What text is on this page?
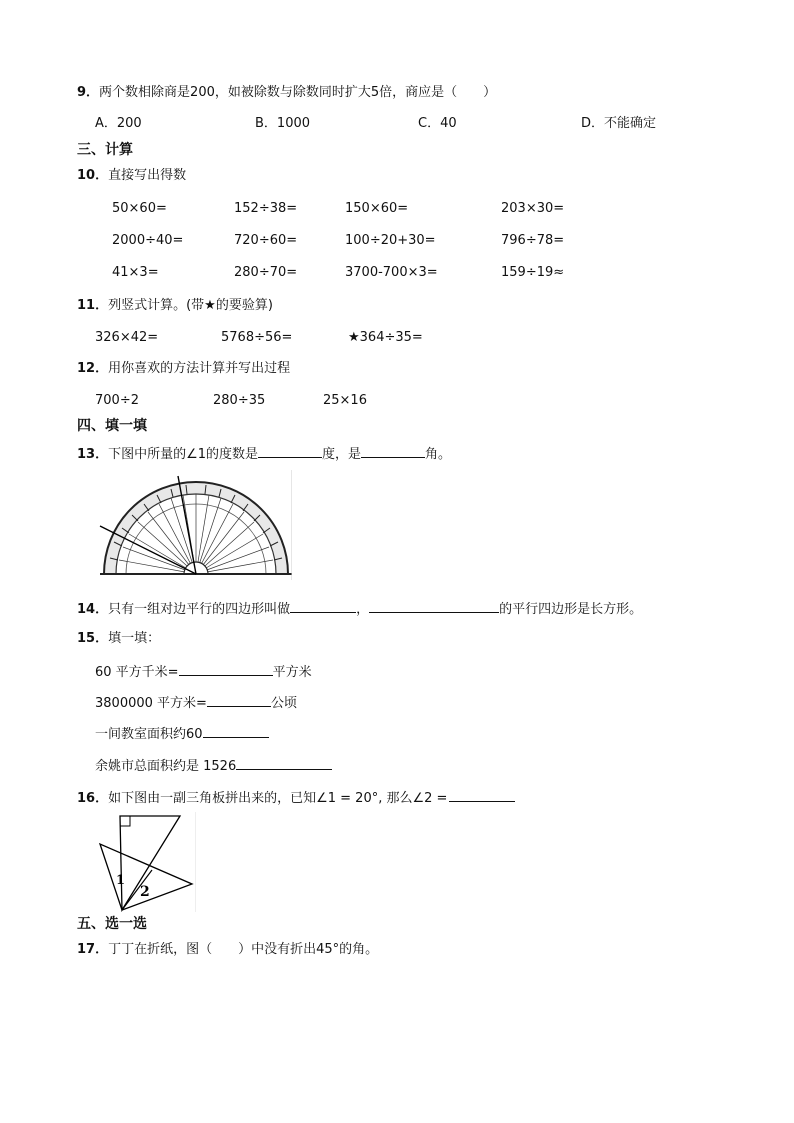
9．两个数相除商是200，如被除数与除数同时扩大5倍，商应是（　　）
A．200	B．1000	C．40	D．不能确定
三、计算
10．直接写出得数
50×60=	152÷38=	150×60=	203×30=
2000÷40=	720÷60=	100÷20+30=	796÷78=
41×3=	280÷70=	3700-700×3=	159÷19≈
11．列竖式计算。(带★的要验算)
326×42=	5768÷56=	★364÷35=
12．用你喜欢的方法计算并写出过程
700÷2	280÷35	25×16
四、填一填
13．下图中所量的∠1的度数是	度，是	角。
14．只有一组对边平行的四边形叫做	，	的平行四边形是长方形。
15．填一填：
60 平方千米=	平方米
3800000 平方米=	公顷
一间教室面积约60
余姚市总面积约是 1526
16．如下图由一副三角板拼出来的，已知∠1 = 20°, 那么∠2 =
1
2
五、选一选
17．丁丁在折纸，图（　　）中没有折出45°的角。
